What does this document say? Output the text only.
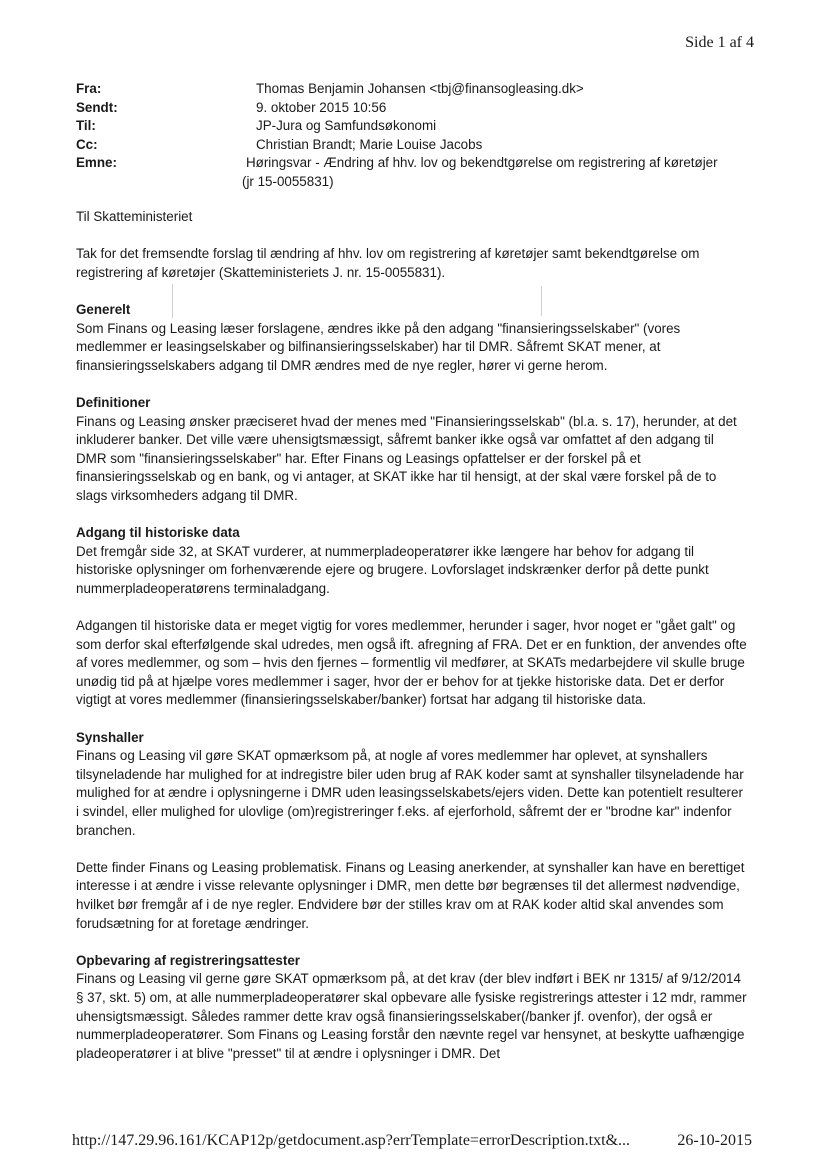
Side 1 af 4
Fra:	Thomas Benjamin Johansen <tbj@finansogleasing.dk>
Sendt:	9. oktober 2015 10:56
Til:	JP-Jura og Samfundsøkonomi
Cc:	Christian Brandt; Marie Louise Jacobs
Emne:	Høringsvar - Ændring af hhv. lov og bekendtgørelse om registrering af køretøjer
(jr 15-0055831)

Til Skatteministeriet

Tak for det fremsendte forslag til ændring af hhv. lov om registrering af køretøjer samt bekendtgørelse om registrering af køretøjer (Skatteministeriets J. nr. 15-0055831).

Generelt
Som Finans og Leasing læser forslagene, ændres ikke på den adgang "finansieringsselskaber" (vores medlemmer er leasingselskaber og bilfinansieringsselskaber) har til DMR. Såfremt SKAT mener, at finansieringsselskabers adgang til DMR ændres med de nye regler, hører vi gerne herom.

Definitioner
Finans og Leasing ønsker præciseret hvad der menes med "Finansieringsselskab" (bl.a. s. 17), herunder, at det inkluderer banker. Det ville være uhensigtsmæssigt, såfremt banker ikke også var omfattet af den adgang til DMR som "finansieringsselskaber" har. Efter Finans og Leasings opfattelser er der forskel på et finansieringsselskab og en bank, og vi antager, at SKAT ikke har til hensigt, at der skal være forskel på de to slags virksomheders adgang til DMR.

Adgang til historiske data
Det fremgår side 32, at SKAT vurderer, at nummerpladeoperatører ikke længere har behov for adgang til historiske oplysninger om forhenværende ejere og brugere. Lovforslaget indskrænker derfor på dette punkt nummerpladeoperatørens terminaladgang.

Adgangen til historiske data er meget vigtig for vores medlemmer, herunder i sager, hvor noget er "gået galt" og som derfor skal efterfølgende skal udredes, men også ift. afregning af FRA. Det er en funktion, der anvendes ofte af vores medlemmer, og som – hvis den fjernes – formentlig vil medfører, at SKATs medarbejdere vil skulle bruge unødig tid på at hjælpe vores medlemmer i sager, hvor der er behov for at tjekke historiske data. Det er derfor vigtigt at vores medlemmer (finansieringsselskaber/banker) fortsat har adgang til historiske data.

Synshaller
Finans og Leasing vil gøre SKAT opmærksom på, at nogle af vores medlemmer har oplevet, at synshallers tilsyneladende har mulighed for at indregistre biler uden brug af RAK koder samt at synshaller tilsyneladende har mulighed for at ændre i oplysningerne i DMR uden leasingsselskabets/ejers viden. Dette kan potentielt resulterer i svindel, eller mulighed for ulovlige (om)registreringer f.eks. af ejerforhold, såfremt der er "brodne kar" indenfor branchen.

Dette finder Finans og Leasing problematisk. Finans og Leasing anerkender, at synshaller kan have en berettiget interesse i at ændre i visse relevante oplysninger i DMR, men dette bør begrænses til det allermest nødvendige, hvilket bør fremgår af i de nye regler. Endvidere bør der stilles krav om at RAK koder altid skal anvendes som forudsætning for at foretage ændringer.

Opbevaring af registreringsattester
Finans og Leasing vil gerne gøre SKAT opmærksom på, at det krav (der blev indført i BEK nr 1315/ af 9/12/2014 § 37, skt. 5) om, at alle nummerpladeoperatører skal opbevare alle fysiske registrerings attester i 12 mdr, rammer uhensigtsmæssigt. Således rammer dette krav også finansieringsselskaber(/banker jf. ovenfor), der også er nummerpladeoperatører. Som Finans og Leasing forstår den nævnte regel var hensynet, at beskytte uafhængige pladeoperatører i at blive "presset" til at ændre i oplysninger i DMR. Det

http://147.29.96.161/KCAP12p/getdocument.asp?errTemplate=errorDescription.txt&...	26-10-2015
